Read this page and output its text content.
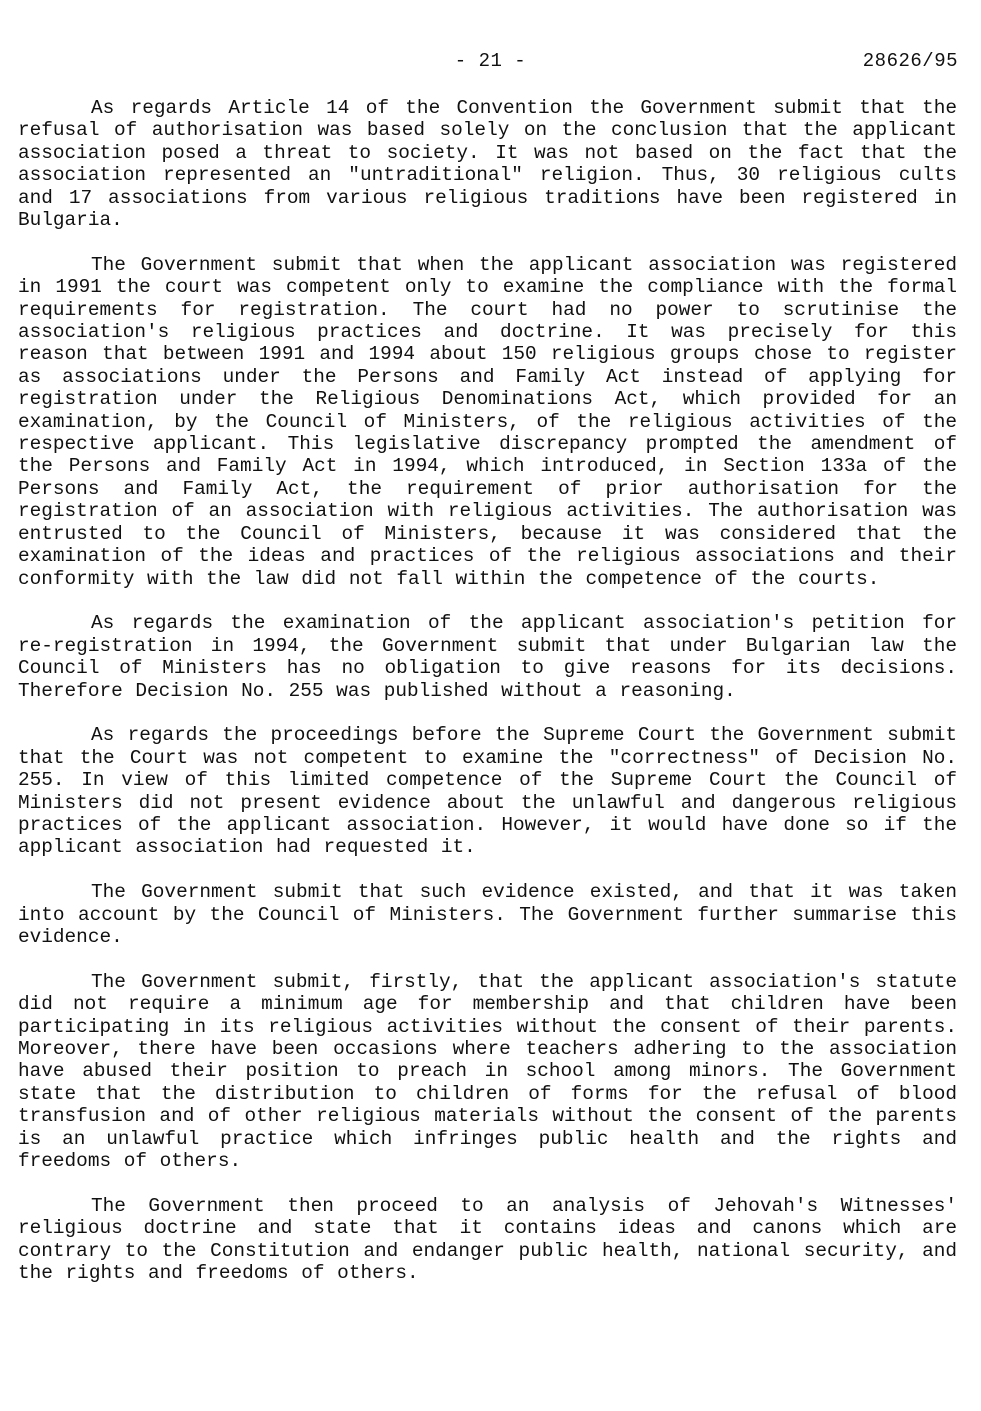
- 21 -	28626/95

As regards Article 14 of the Convention the Government submit that the refusal of authorisation was based solely on the conclusion that the applicant association posed a threat to society. It was not based on the fact that the association represented an "untraditional" religion. Thus, 30 religious cults and 17 associations from various religious traditions have been registered in Bulgaria.

The Government submit that when the applicant association was registered in 1991 the court was competent only to examine the compliance with the formal requirements for registration. The court had no power to scrutinise the association's religious practices and doctrine. It was precisely for this reason that between 1991 and 1994 about 150 religious groups chose to register as associations under the Persons and Family Act instead of applying for registration under the Religious Denominations Act, which provided for an examination, by the Council of Ministers, of the religious activities of the respective applicant. This legislative discrepancy prompted the amendment of the Persons and Family Act in 1994, which introduced, in Section 133a of the Persons and Family Act, the requirement of prior authorisation for the registration of an association with religious activities. The authorisation was entrusted to the Council of Ministers, because it was considered that the examination of the ideas and practices of the religious associations and their conformity with the law did not fall within the competence of the courts.

As regards the examination of the applicant association's petition for re-registration in 1994, the Government submit that under Bulgarian law the Council of Ministers has no obligation to give reasons for its decisions. Therefore Decision No. 255 was published without a reasoning.

As regards the proceedings before the Supreme Court the Government submit that the Court was not competent to examine the "correctness" of Decision No. 255. In view of this limited competence of the Supreme Court the Council of Ministers did not present evidence about the unlawful and dangerous religious practices of the applicant association. However, it would have done so if the applicant association had requested it.

The Government submit that such evidence existed, and that it was taken into account by the Council of Ministers. The Government further summarise this evidence.

The Government submit, firstly, that the applicant association's statute did not require a minimum age for membership and that children have been participating in its religious activities without the consent of their parents. Moreover, there have been occasions where teachers adhering to the association have abused their position to preach in school among minors. The Government state that the distribution to children of forms for the refusal of blood transfusion and of other religious materials without the consent of the parents is an unlawful practice which infringes public health and the rights and freedoms of others.

The Government then proceed to an analysis of Jehovah's Witnesses' religious doctrine and state that it contains ideas and canons which are contrary to the Constitution and endanger public health, national security, and the rights and freedoms of others.
